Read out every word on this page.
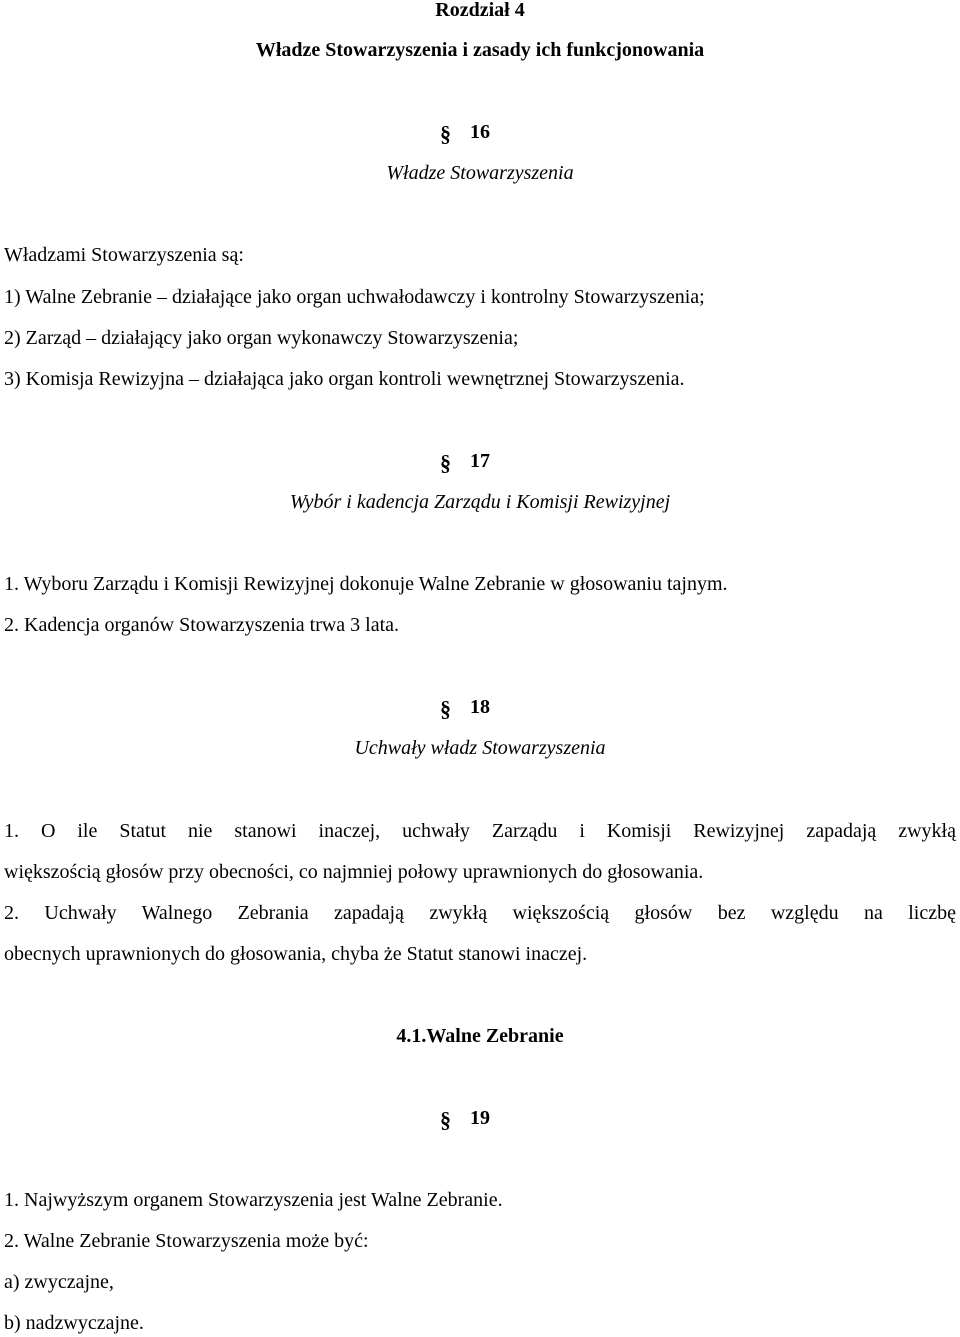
Rozdział 4
Władze Stowarzyszenia i zasady ich funkcjonowania
§ 16
Władze Stowarzyszenia
Władzami Stowarzyszenia są:
1) Walne Zebranie – działające jako organ uchwałodawczy i kontrolny Stowarzyszenia;
2) Zarząd – działający jako organ wykonawczy Stowarzyszenia;
3) Komisja Rewizyjna – działająca jako organ kontroli wewnętrznej Stowarzyszenia.
§ 17
Wybór i kadencja Zarządu i Komisji Rewizyjnej
1. Wyboru Zarządu i Komisji Rewizyjnej dokonuje Walne Zebranie w głosowaniu tajnym.
2. Kadencja organów Stowarzyszenia trwa 3 lata.
§ 18
Uchwały władz Stowarzyszenia
1. O ile Statut nie stanowi inaczej, uchwały Zarządu i Komisji Rewizyjnej zapadają zwykłą
większością głosów przy obecności, co najmniej połowy uprawnionych do głosowania.
2. Uchwały Walnego Zebrania zapadają zwykłą większością głosów bez względu na liczbę
obecnych uprawnionych do głosowania, chyba że Statut stanowi inaczej.
4.1.Walne Zebranie
§ 19
1. Najwyższym organem Stowarzyszenia jest Walne Zebranie.
2. Walne Zebranie Stowarzyszenia może być:
a) zwyczajne,
b) nadzwyczajne.
